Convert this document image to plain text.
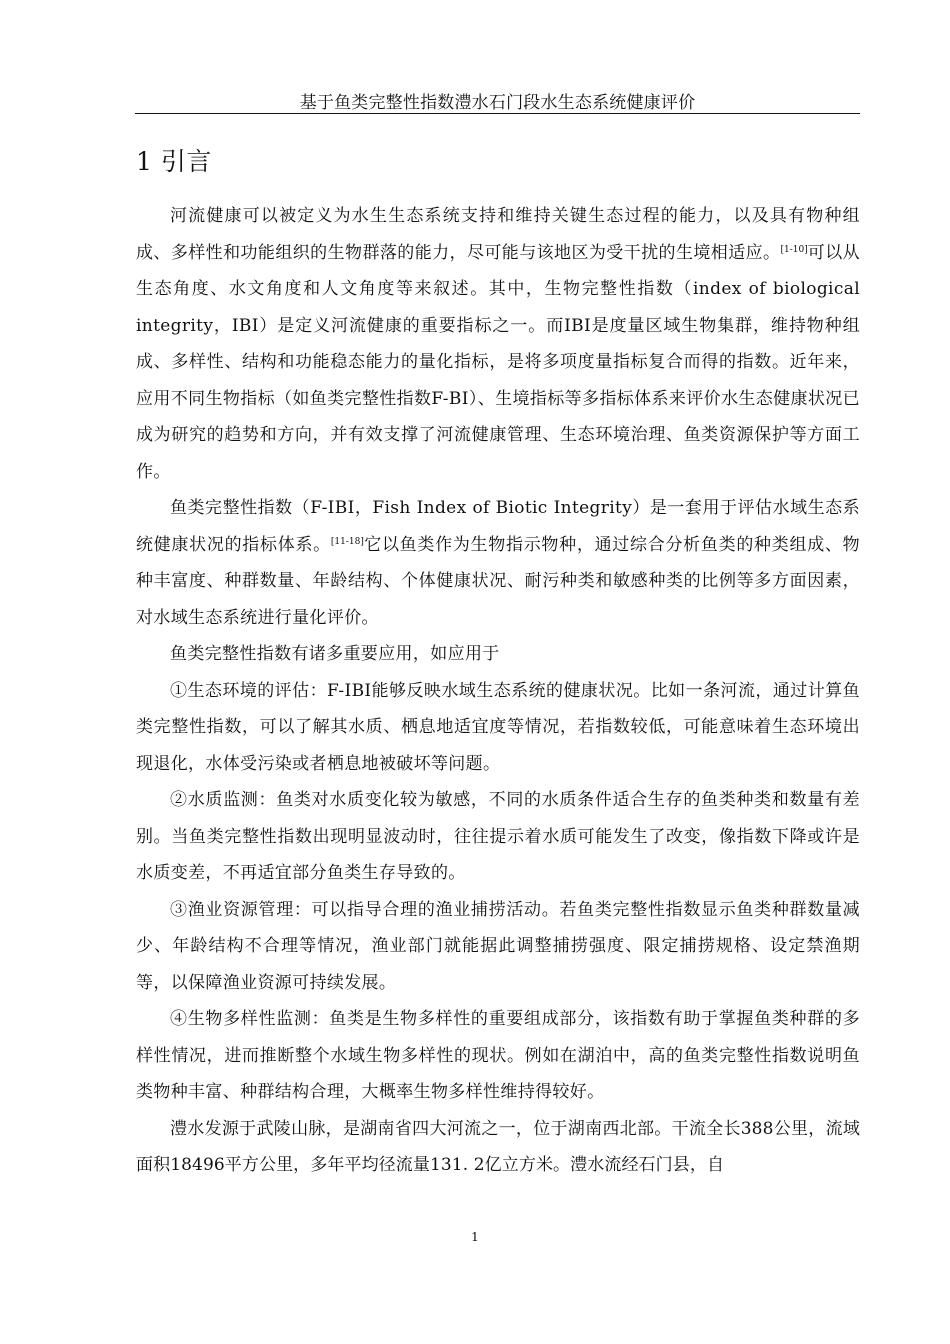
基于鱼类完整性指数澧水石门段水生态系统健康评价
1 引言

河流健康可以被定义为水生生态系统支持和维持关键生态过程的能力，以及具有物种组成、多样性和功能组织的生物群落的能力，尽可能与该地区为受干扰的生境相适应。[1-10]可以从生态角度、水文角度和人文角度等来叙述。其中，生物完整性指数（index of biological integrity，IBI）是定义河流健康的重要指标之一。而IBI是度量区域生物集群，维持物种组成、多样性、结构和功能稳态能力的量化指标，是将多项度量指标复合而得的指数。近年来，应用不同生物指标（如鱼类完整性指数F-BI）、生境指标等多指标体系来评价水生态健康状况已成为研究的趋势和方向，并有效支撑了河流健康管理、生态环境治理、鱼类资源保护等方面工作。

鱼类完整性指数（F-IBI，Fish Index of Biotic Integrity）是一套用于评估水域生态系统健康状况的指标体系。[11-18]它以鱼类作为生物指示物种，通过综合分析鱼类的种类组成、物种丰富度、种群数量、年龄结构、个体健康状况、耐污种类和敏感种类的比例等多方面因素，对水域生态系统进行量化评价。

鱼类完整性指数有诸多重要应用，如应用于

①生态环境的评估：F-IBI能够反映水域生态系统的健康状况。比如一条河流，通过计算鱼类完整性指数，可以了解其水质、栖息地适宜度等情况，若指数较低，可能意味着生态环境出现退化，水体受污染或者栖息地被破坏等问题。

②水质监测：鱼类对水质变化较为敏感，不同的水质条件适合生存的鱼类种类和数量有差别。当鱼类完整性指数出现明显波动时，往往提示着水质可能发生了改变，像指数下降或许是水质变差，不再适宜部分鱼类生存导致的。

③渔业资源管理：可以指导合理的渔业捕捞活动。若鱼类完整性指数显示鱼类种群数量减少、年龄结构不合理等情况，渔业部门就能据此调整捕捞强度、限定捕捞规格、设定禁渔期等，以保障渔业资源可持续发展。

④生物多样性监测：鱼类是生物多样性的重要组成部分，该指数有助于掌握鱼类种群的多样性情况，进而推断整个水域生物多样性的现状。例如在湖泊中，高的鱼类完整性指数说明鱼类物种丰富、种群结构合理，大概率生物多样性维持得较好。

澧水发源于武陵山脉，是湖南省四大河流之一，位于湖南西北部。干流全长388公里，流域面积18496平方公里，多年平均径流量131. 2亿立方米。澧水流经石门县，自

1
